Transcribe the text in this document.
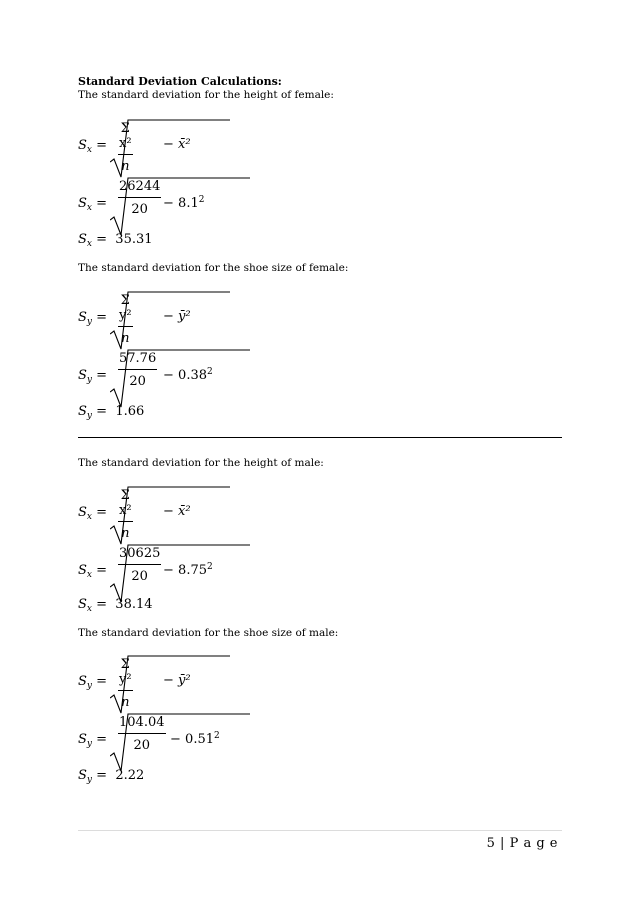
Standard Deviation Calculations:
The standard deviation for the height of female:
$S_x = \frac{\text{Σ x²}}{n}$ − x̄²
$S_x = \frac{26244}{20} - 8.1^2$
$S_x = 35.31$
The standard deviation for the shoe size of female:
$S_y = \frac{\text{Σ y²}}{n}$ − ȳ²
$S_y = \frac{57.76}{20} - 0.38^2$
$S_y = 1.66$
The standard deviation for the height of male:
$S_x = \frac{\text{Σ x²}}{n}$ − x̄²
$S_x = \frac{30625}{20} - 8.75^2$
$S_x = 38.14$
The standard deviation for the shoe size of male:
$S_y = \frac{\text{Σ y²}}{n}$ − ȳ²
$S_y = \frac{104.04}{20} - 0.51^2$
$S_y = 2.22$
5 | P a g e
